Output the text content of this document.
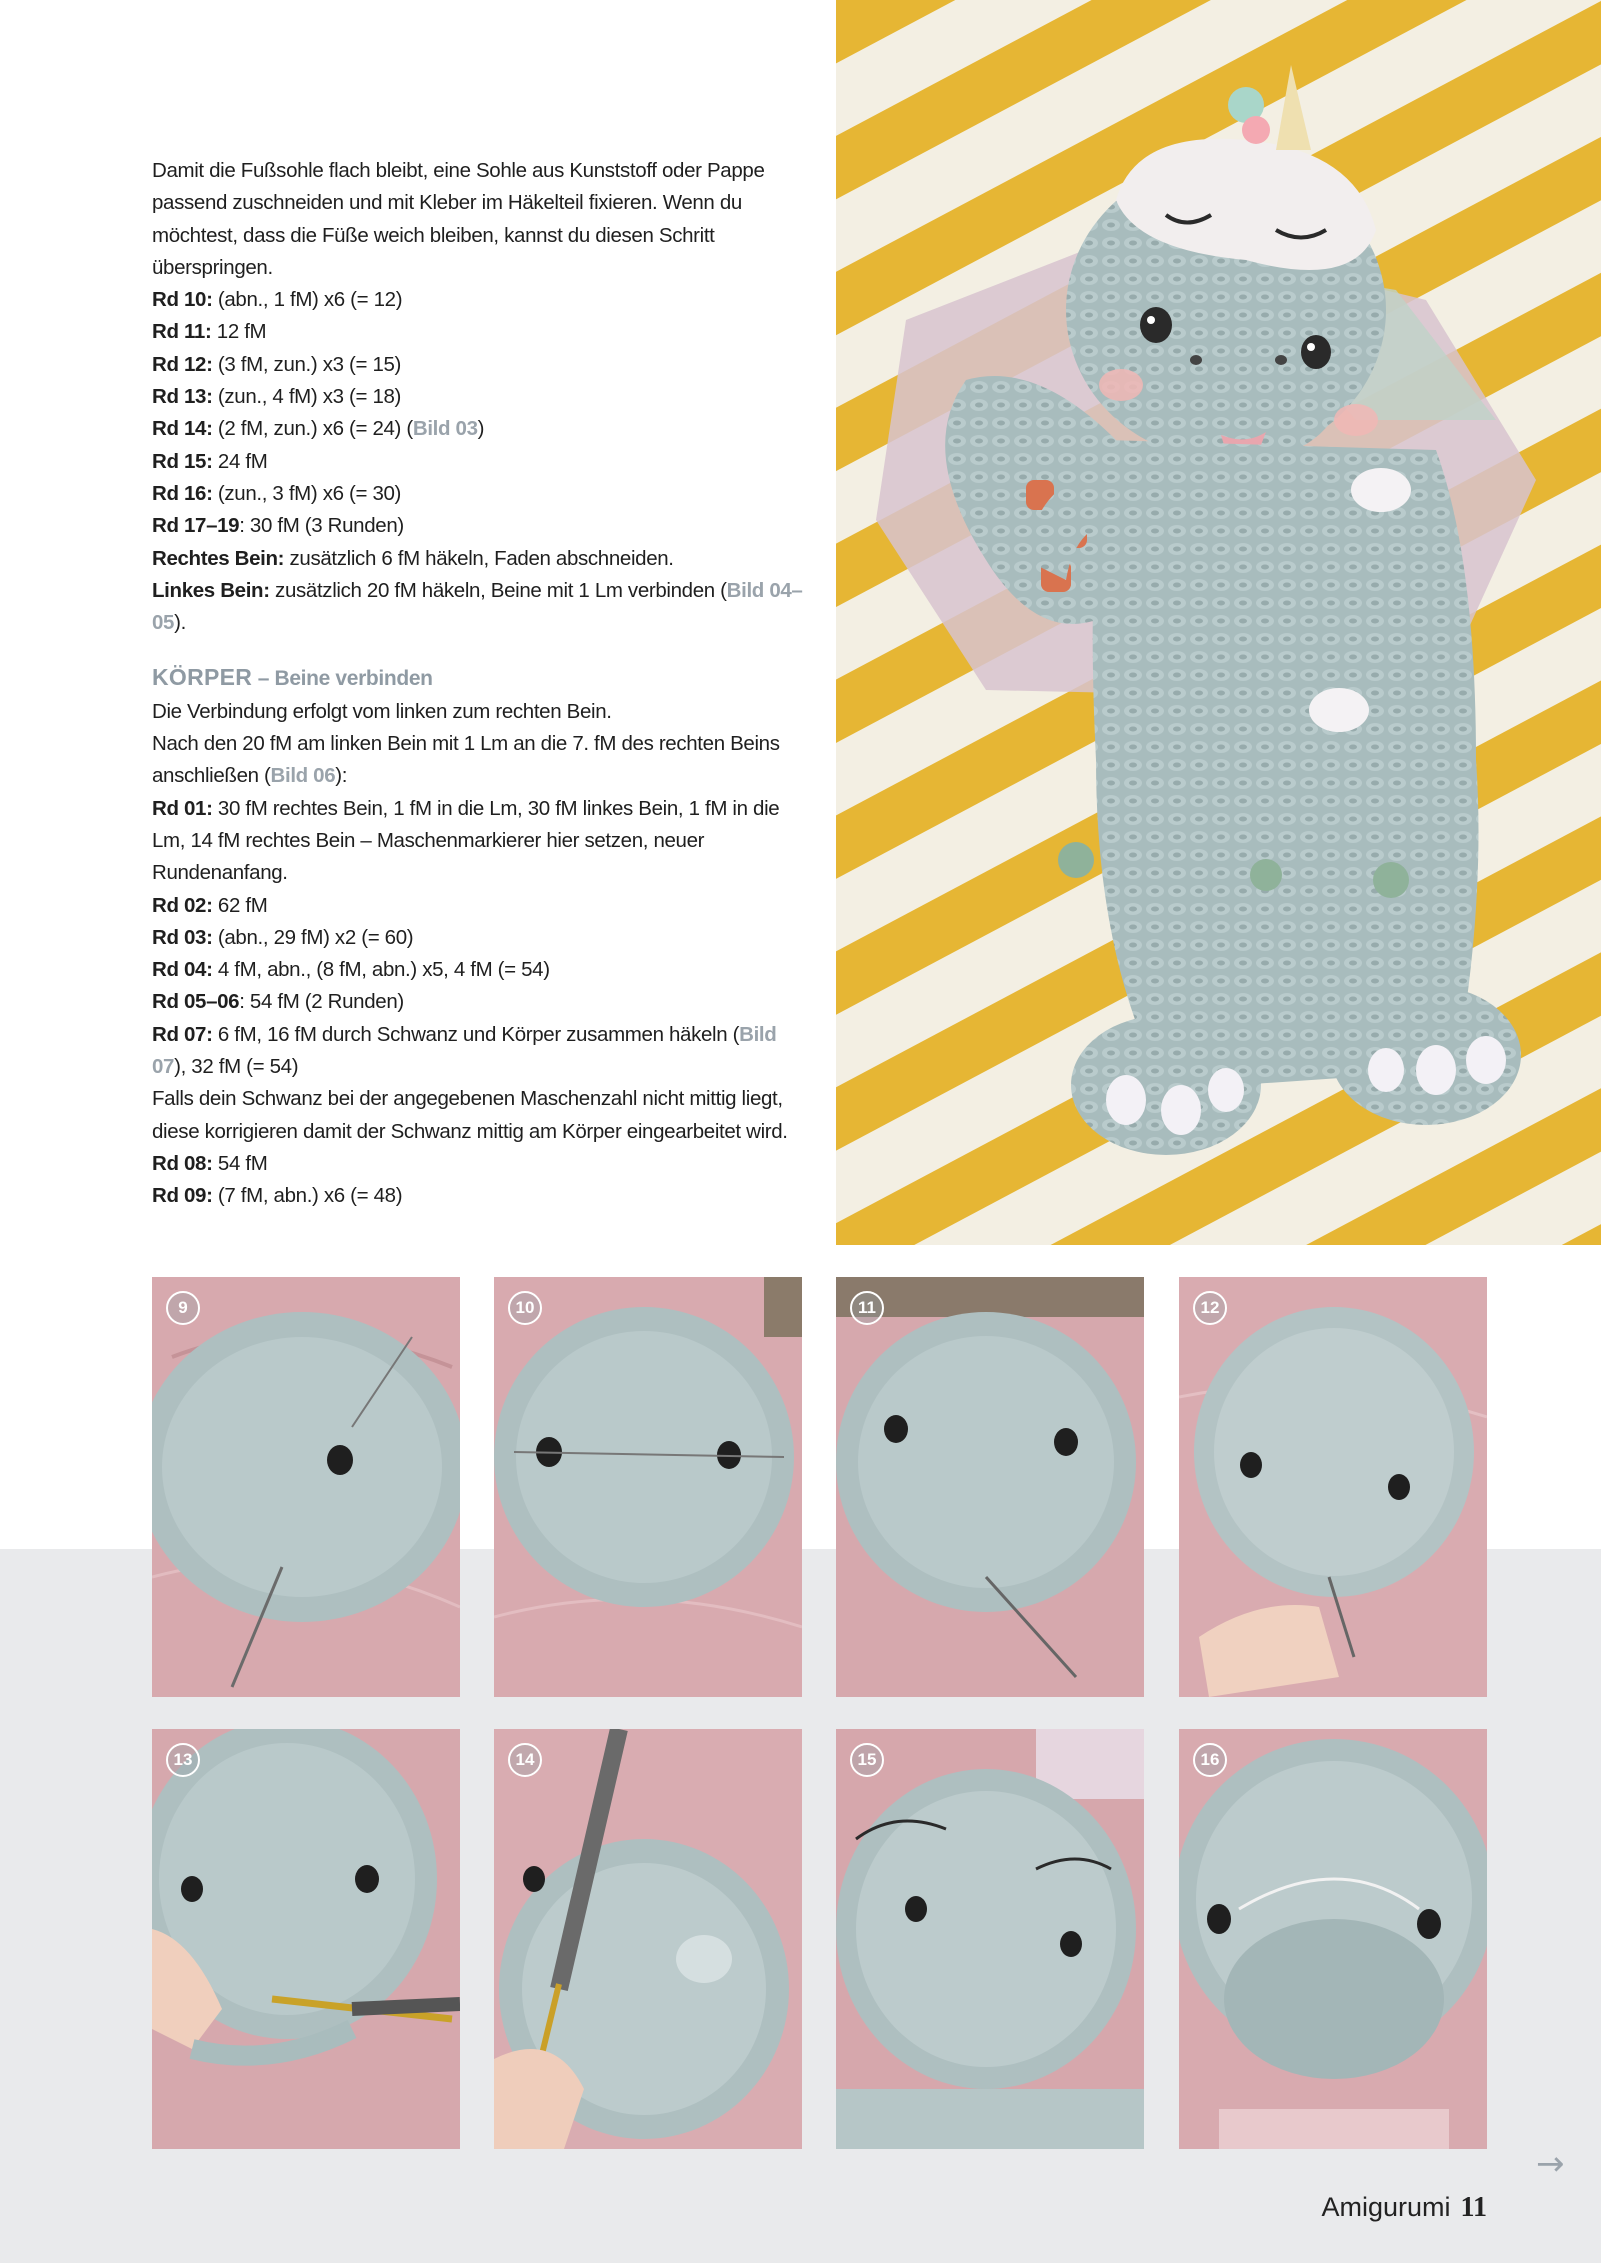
Damit die Fußsohle flach bleibt, eine Sohle aus Kunststoff oder Pappe passend zuschneiden und mit Kleber im Häkelteil fixieren. Wenn du möchtest, dass die Füße weich bleiben, kannst du diesen Schritt überspringen.

Rd 10: (abn., 1 fM) x6 (= 12)

Rd 11: 12 fM

Rd 12: (3 fM, zun.) x3 (= 15)

Rd 13: (zun., 4 fM) x3 (= 18)

Rd 14: (2 fM, zun.) x6 (= 24) (Bild 03)

Rd 15: 24 fM

Rd 16: (zun., 3 fM) x6 (= 30)

Rd 17–19: 30 fM (3 Runden)

Rechtes Bein: zusätzlich 6 fM häkeln, Faden abschneiden.

Linkes Bein: zusätzlich 20 fM häkeln, Beine mit 1 Lm verbinden (Bild 04–05).

KÖRPER – Beine verbinden

Die Verbindung erfolgt vom linken zum rechten Bein.

Nach den 20 fM am linken Bein mit 1 Lm an die 7. fM des rechten Beins anschließen (Bild 06):

Rd 01: 30 fM rechtes Bein, 1 fM in die Lm, 30 fM linkes Bein, 1 fM in die Lm, 14 fM rechtes Bein – Maschenmarkierer hier setzen, neuer Rundenanfang.

Rd 02: 62 fM

Rd 03: (abn., 29 fM) x2 (= 60)

Rd 04: 4 fM, abn., (8 fM, abn.) x5, 4 fM (= 54)

Rd 05–06: 54 fM (2 Runden)

Rd 07: 6 fM, 16 fM durch Schwanz und Körper zusammen häkeln (Bild 07), 32 fM (= 54)

Falls dein Schwanz bei der angegebenen Maschenzahl nicht mittig liegt, diese korrigieren damit der Schwanz mittig am Körper eingearbeitet wird.

Rd 08: 54 fM

Rd 09: (7 fM, abn.) x6 (= 48)

9	10	11	12
13	14	15	16
→
Amigurumi 11
